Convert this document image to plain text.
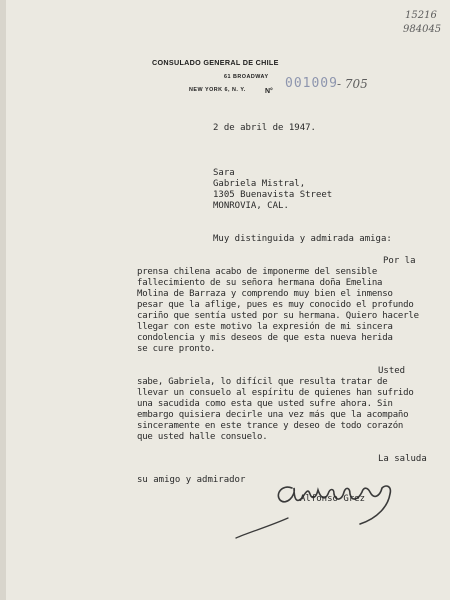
15216
984045
CONSULADO GENERAL DE CHILE
61 BROADWAY
NEW YORK 6, N. Y.	N°
001009 - 705
2 de abril de 1947.
Sara
Gabriela Mistral,
1305 Buenavista Street
MONROVIA, CAL.
Muy distinguida y admirada amiga:
Por la
prensa chilena acabo de imponerme del sensible
fallecimiento de su señora hermana doña Emelina
Molina de Barraza y comprendo muy bien el inmenso
pesar que la aflige, pues es muy conocido el profundo
cariño que sentía usted por su hermana. Quiero hacerle
llegar con este motivo la expresión de mi sincera
condolencia y mis deseos de que esta nueva herida
se cure pronto.
Usted
sabe, Gabriela, lo difícil que resulta tratar de
llevar un consuelo al espíritu de quienes han sufrido
una sacudida como esta que usted sufre ahora. Sin
embargo quisiera decirle una vez más que la acompaño
sinceramente en este trance y deseo de todo corazón
que usted halle consuelo.
La saluda
su amigo y admirador
Alfonso Grez
